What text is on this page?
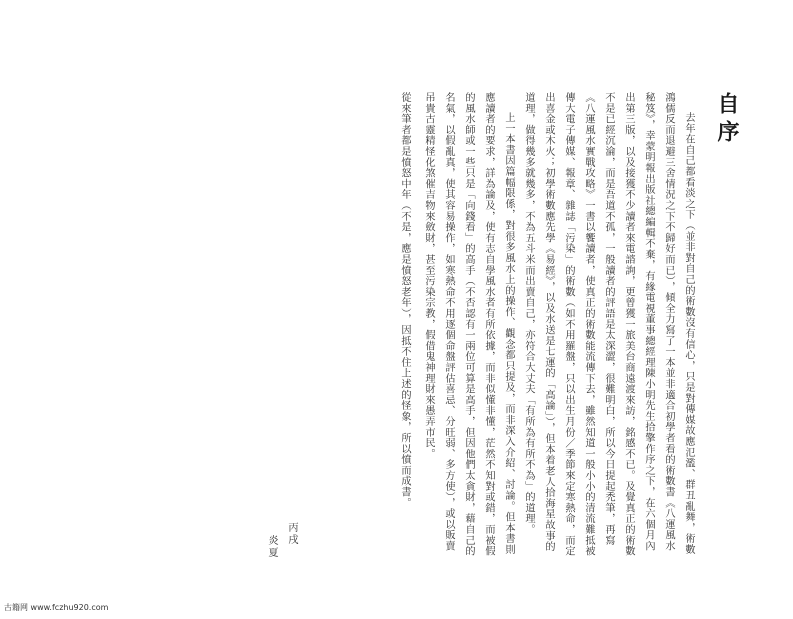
自序

去年在自己都看淡之下（並非對自己的術數沒有信心，只是對傳媒故應氾濫、群丑亂舞，術數鴻儒反而退避三舍情況之下不歸好而已），傾全力寫了一本並非適合初學者看的術數書《八運風水秘笈》，幸蒙明報出版社總編輯不棄，有緣電視董事總經理陳小明先生拾擎作序之下，在六個月內出第三版，以及接獲不少讀者來電諮詢，更曾獲一旅美台商遠渡來訪，銘感不已。及覺真正的術數不是已經沉淪，而是吾道不孤，一般讀者的評語是太深澀，很難明白，所以今日提起禿筆，再寫《八運風水實戰攻略》一書以饗讀者，使真正的術數能流傳下去，雖然知道一般小小的清流難抵被傳大電子傳媒、報章、雜誌「污染」的術數（如不用羅盤，只以出生月份／季節來定寒熱命，而定出喜金或木火；初學術數應先學《易經》，以及水送是七運的「高論」），但本着老人拾海星故事的道理，做得幾多就幾多，不為五斗米而出賣自己，亦符合大丈夫「有所為有所不為」的道理。

上一本書因篇幅限係，對很多風水上的操作、觀念都只提及，而非深入介紹、討論。但本書則應讀者的要求，詳為論及，使有志自學風水者有所依據，而非似懂非懂，茫然不知對或錯，而被假的風水師或一些只是「向錢看」的高手（不否認有一兩位可算是高手，但因他們太貪財，藉自己的名氣，以假亂真，使其容易操作，如寒熱命不用逐個命盤評估喜忌、分旺弱、多方使），或以販賣吊貴古靈精怪化煞催吉物來斂財，甚至污染宗教，假借鬼神理財來愚弄市民。

從來筆者都是憤怒中年（不是，應是憤怒老年），因抵不住上述的怪象，所以憤而成書。

丙戌
炎夏
古籍网 www.fczhu920.com
